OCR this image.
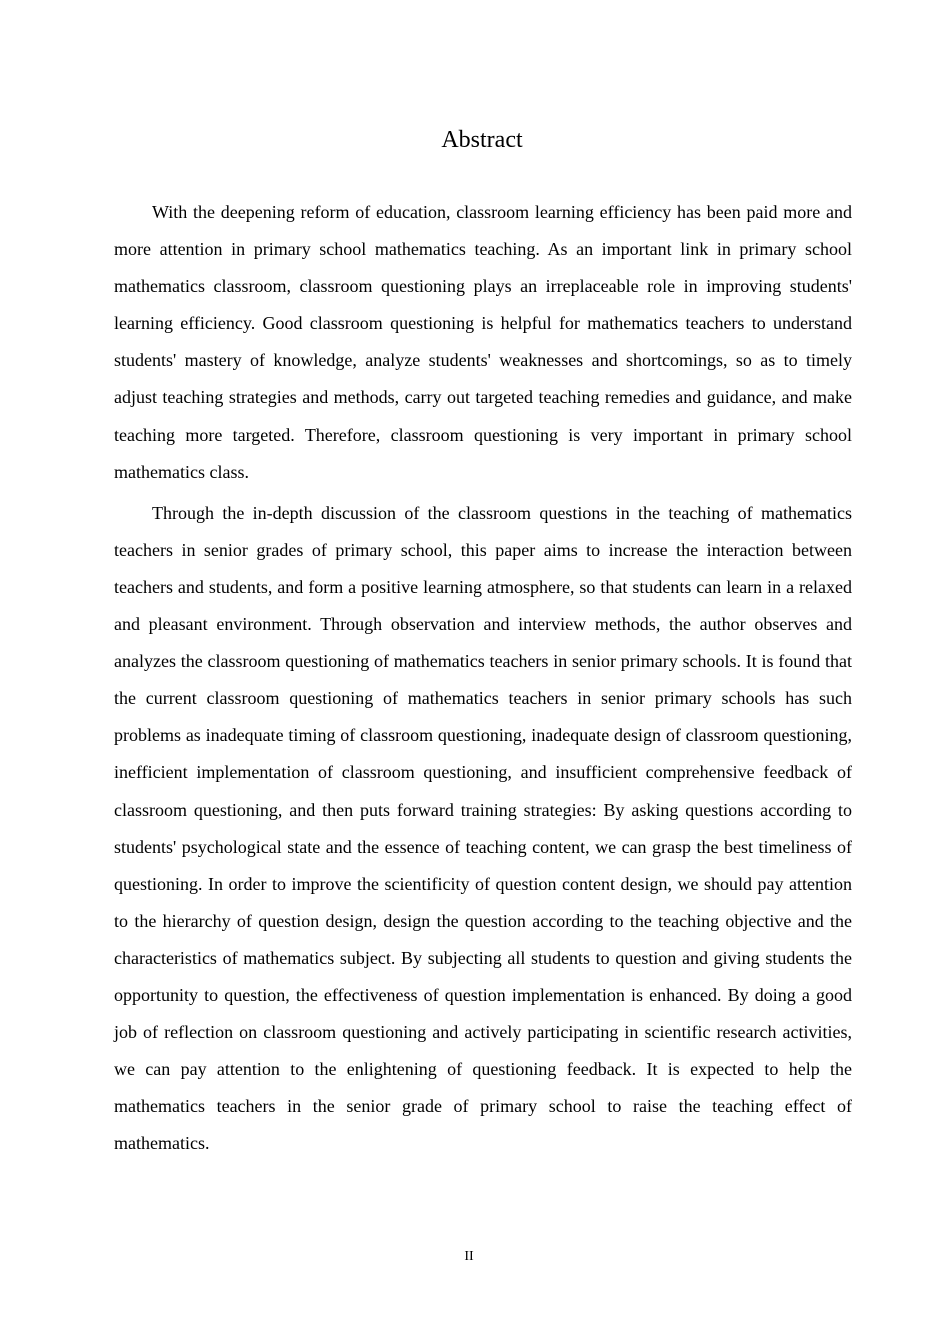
Abstract

With the deepening reform of education, classroom learning efficiency has been paid more and more attention in primary school mathematics teaching. As an important link in primary school mathematics classroom, classroom questioning plays an irreplaceable role in improving students' learning efficiency. Good classroom questioning is helpful for mathematics teachers to understand students' mastery of knowledge, analyze students' weaknesses and shortcomings, so as to timely adjust teaching strategies and methods, carry out targeted teaching remedies and guidance, and make teaching more targeted. Therefore, classroom questioning is very important in primary school mathematics class.

Through the in-depth discussion of the classroom questions in the teaching of mathematics teachers in senior grades of primary school, this paper aims to increase the interaction between teachers and students, and form a positive learning atmosphere, so that students can learn in a relaxed and pleasant environment. Through observation and interview methods, the author observes and analyzes the classroom questioning of mathematics teachers in senior primary schools. It is found that the current classroom questioning of mathematics teachers in senior primary schools has such problems as inadequate timing of classroom questioning, inadequate design of classroom questioning, inefficient implementation of classroom questioning, and insufficient comprehensive feedback of classroom questioning, and then puts forward training strategies: By asking questions according to students' psychological state and the essence of teaching content, we can grasp the best timeliness of questioning. In order to improve the scientificity of question content design, we should pay attention to the hierarchy of question design, design the question according to the teaching objective and the characteristics of mathematics subject. By subjecting all students to question and giving students the opportunity to question, the effectiveness of question implementation is enhanced. By doing a good job of reflection on classroom questioning and actively participating in scientific research activities, we can pay attention to the enlightening of questioning feedback. It is expected to help the mathematics teachers in the senior grade of primary school to raise the teaching effect of mathematics.

II
